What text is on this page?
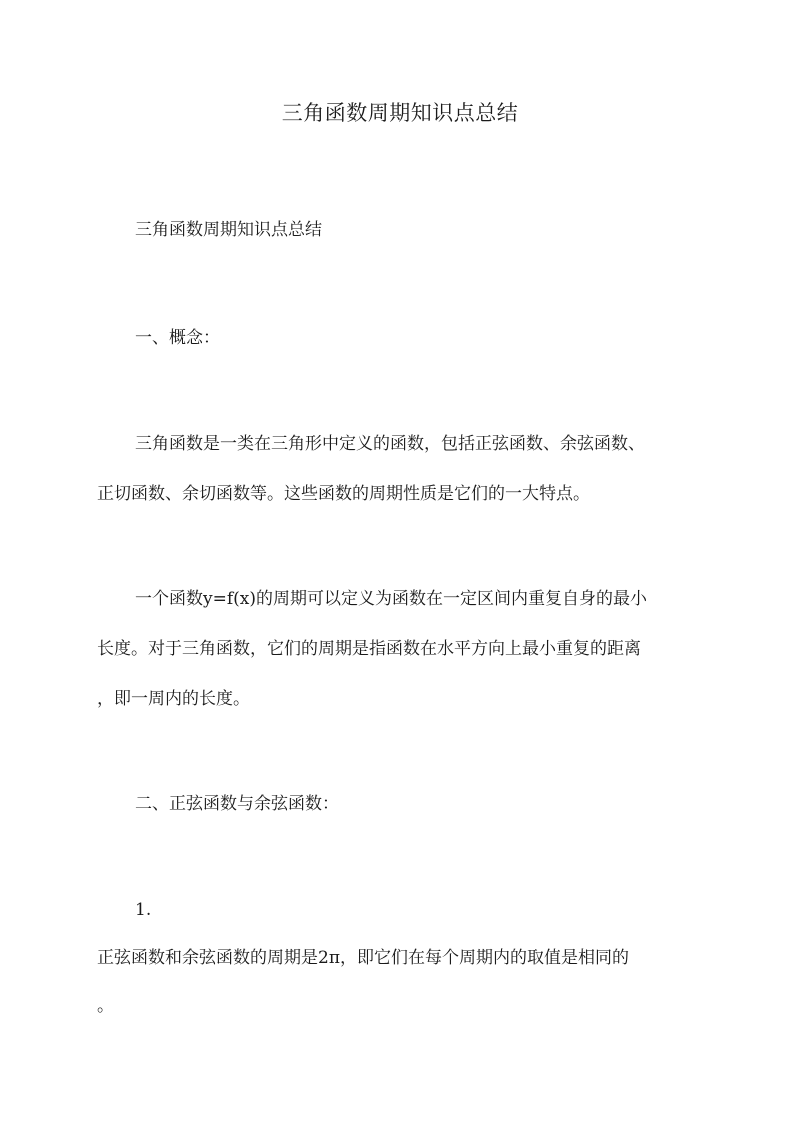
三角函数周期知识点总结

三角函数周期知识点总结

一、概念：

三角函数是一类在三角形中定义的函数，包括正弦函数、余弦函数、

正切函数、余切函数等。这些函数的周期性质是它们的一大特点。

一个函数y=f(x)的周期可以定义为函数在一定区间内重复自身的最小

长度。对于三角函数，它们的周期是指函数在水平方向上最小重复的距离

，即一周内的长度。

二、正弦函数与余弦函数：

1.

正弦函数和余弦函数的周期是2π，即它们在每个周期内的取值是相同的

。
